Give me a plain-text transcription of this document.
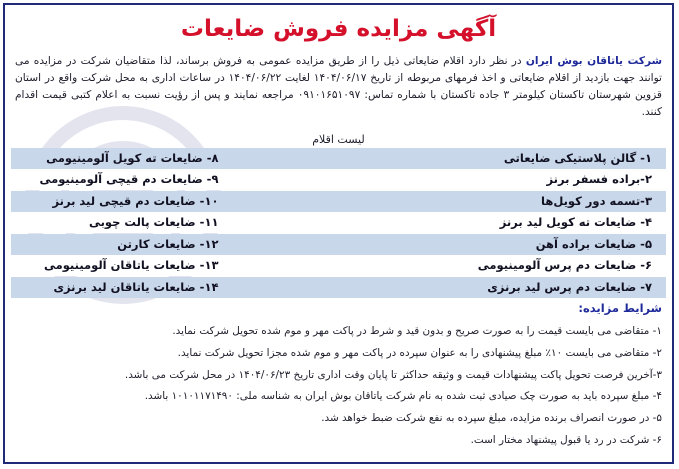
آگهی مزایده فروش ضایعات
شرکت یاتاقان بوش ایران در نظر دارد اقلام ضایعاتی ذیل را از طریق مزایده عمومی به فروش برساند، لذا متقاضیان شرکت در مزایده می توانند جهت بازدید از اقلام ضایعاتی و اخذ فرمهای مربوطه از تاریخ ۱۴۰۴/۰۶/۱۷ لغایت ۱۴۰۴/۰۶/۲۲ در ساعات اداری به محل شرکت واقع در استان قزوین شهرستان تاکستان کیلومتر ۳ جاده تاکستان با شماره تماس: ۰۹۱۰۱۶۵۱۰۹۷ مراجعه نمایند و پس از رؤیت نسبت به اعلام کتبی قیمت اقدام کنند.
لیست اقلام
۱- گالن پلاستیکی ضایعاتی
۸- ضایعات ته کویل آلومینیومی
۲-براده فسفر برنز
۹- ضایعات دم قیچی آلومینیومی
۳-تسمه دور کویل‌ها
۱۰- ضایعات دم قیچی لید برنز
۴- ضایعات ته کویل لید برنز
۱۱- ضایعات پالت چوبی
۵- ضایعات براده آهن
۱۲- ضایعات کارتن
۶- ضایعات دم پرس آلومینیومی
۱۳- ضایعات یاتاقان آلومینیومی
۷- ضایعات دم پرس لید برنزی
۱۴- ضایعات یاتاقان لید برنزی
شرایط مزایده:
۱- متقاضی می بایست قیمت را به صورت صریح و بدون قید و شرط در پاکت مهر و موم شده تحویل شرکت نماید.
۲- متقاضی می بایست ۱۰٪ مبلغ پیشنهادی را به عنوان سپرده در پاکت مهر و موم شده مجزا تحویل شرکت نماید.
۳-آخرین فرصت تحویل پاکت پیشنهادات قیمت و وثیقه حداکثر تا پایان وقت اداری تاریخ ۱۴۰۴/۰۶/۲۳ در محل شرکت می باشد.
۴- مبلغ سپرده باید به صورت چک صیادی ثبت شده به نام شرکت یاتاقان بوش ایران به شناسه ملی: ۱۰۱۰۱۱۷۱۴۹۰ باشد.
۵- در صورت انصراف برنده مزایده، مبلغ سپرده به نفع شرکت ضبط خواهد شد.
۶- شرکت در رد یا قبول پیشنهاد مختار است.
